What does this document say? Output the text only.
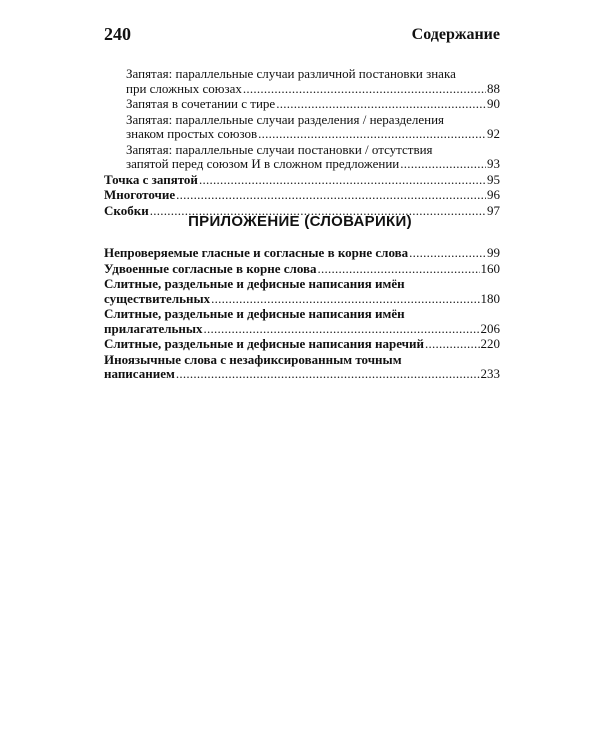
240	Содержание
Запятая: параллельные случаи различной постановки знака
при сложных союзах . . .	88
Запятая в сочетании с тире . . .	90
Запятая: параллельные случаи разделения / неразделения
знаком простых союзов . . .	92
Запятая: параллельные случаи постановки / отсутствия
запятой перед союзом И в сложном предложении . . .	93
Точка с запятой . . .	95
Многоточие . . .	96
Скобки . . .	97
ПРИЛОЖЕНИЕ (СЛОВАРИКИ)
Непроверяемые гласные и согласные в корне слова . . .	99
Удвоенные согласные в корне слова . . .	160
Слитные, раздельные и дефисные написания имён
существительных . . .	180
Слитные, раздельные и дефисные написания имён
прилагательных . . .	206
Слитные, раздельные и дефисные написания наречий . . .	220
Иноязычные слова с незафиксированным точным
написанием . . .	233
